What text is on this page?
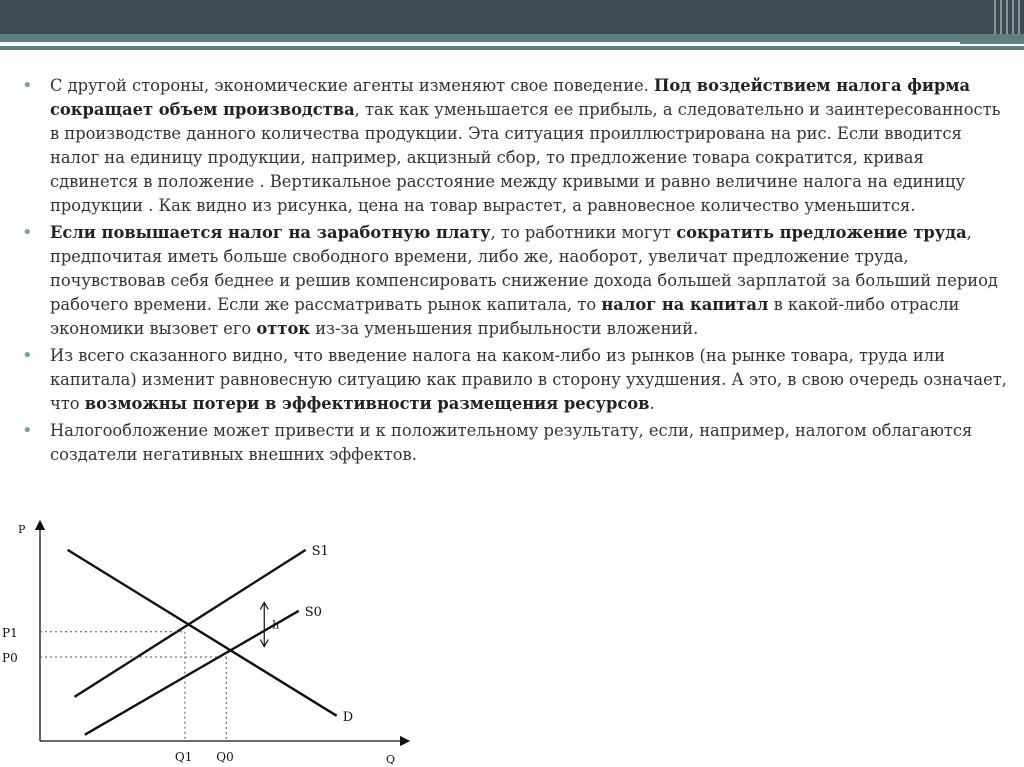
• С другой стороны, экономические агенты изменяют свое поведение. Под воздействием налога фирма сокращает объем производства, так как уменьшается ее прибыль, а следовательно и заинтересованность в производстве данного количества продукции. Эта ситуация проиллюстрирована на рис. Если вводится налог на единицу продукции, например, акцизный сбор, то предложение товара сократится, кривая сдвинется в положение . Вертикальное расстояние между кривыми и равно величине налога на единицу продукции . Как видно из рисунка, цена на товар вырастет, а равновесное количество уменьшится.
• Если повышается налог на заработную плату, то работники могут сократить предложение труда, предпочитая иметь больше свободного времени, либо же, наоборот, увеличат предложение труда, почувствовав себя беднее и решив компенсировать снижение дохода большей зарплатой за больший период рабочего времени. Если же рассматривать рынок капитала, то налог на капитал в какой-либо отрасли экономики вызовет его отток из-за уменьшения прибыльности вложений.
• Из всего сказанного видно, что введение налога на каком-либо из рынков (на рынке товара, труда или капитала) изменит равновесную ситуацию как правило в сторону ухудшения. А это, в свою очередь означает, что возможны потери в эффективности размещения ресурсов.
• Налогообложение может привести и к положительному результату, если, например, налогом облагаются создатели негативных внешних эффектов.
P
Q
S1
S0
D
P1
Q1
P0
Q0
h
